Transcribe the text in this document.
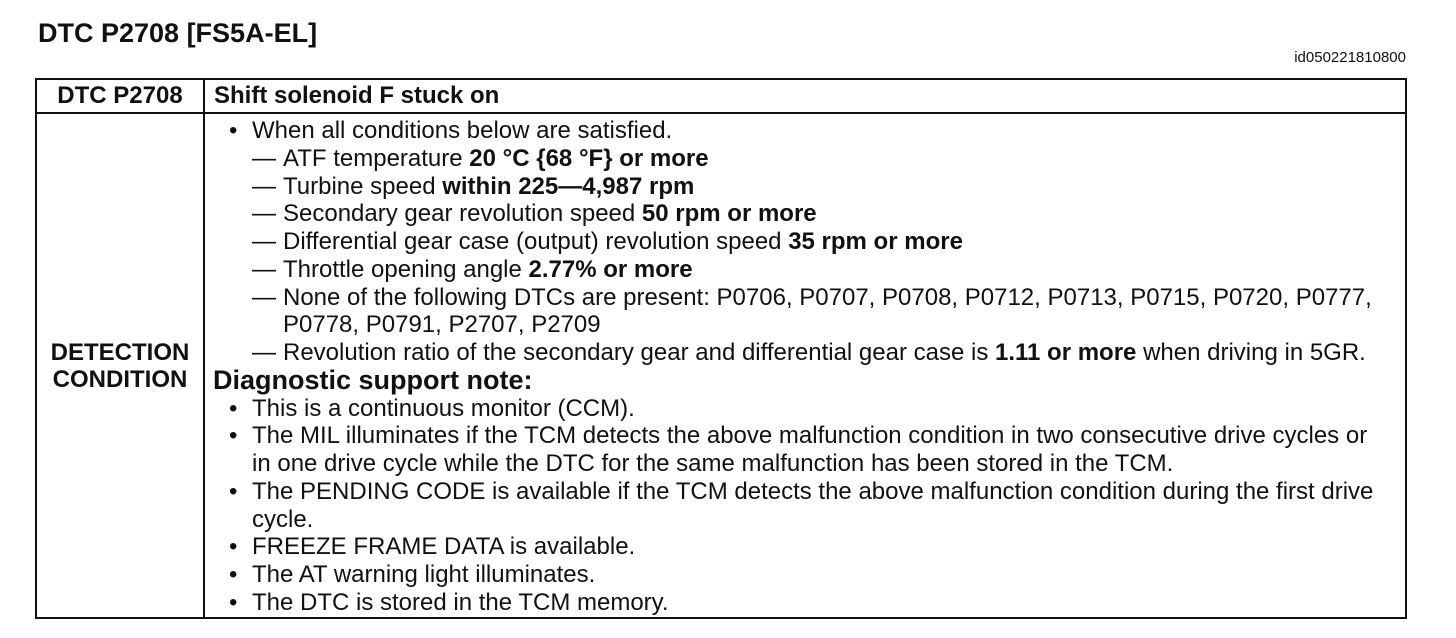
DTC P2708 [FS5A-EL]
id050221810800
DTC P2708	Shift solenoid F stuck on
DETECTION
CONDITION
• When all conditions below are satisfied.
— ATF temperature 20 °C {68 °F} or more
— Turbine speed within 225—4,987 rpm
— Secondary gear revolution speed 50 rpm or more
— Differential gear case (output) revolution speed 35 rpm or more
— Throttle opening angle 2.77% or more
— None of the following DTCs are present: P0706, P0707, P0708, P0712, P0713, P0715, P0720, P0777,
P0778, P0791, P2707, P2709
— Revolution ratio of the secondary gear and differential gear case is 1.11 or more when driving in 5GR.
Diagnostic support note:
• This is a continuous monitor (CCM).
• The MIL illuminates if the TCM detects the above malfunction condition in two consecutive drive cycles or
in one drive cycle while the DTC for the same malfunction has been stored in the TCM.
• The PENDING CODE is available if the TCM detects the above malfunction condition during the first drive
cycle.
• FREEZE FRAME DATA is available.
• The AT warning light illuminates.
• The DTC is stored in the TCM memory.
